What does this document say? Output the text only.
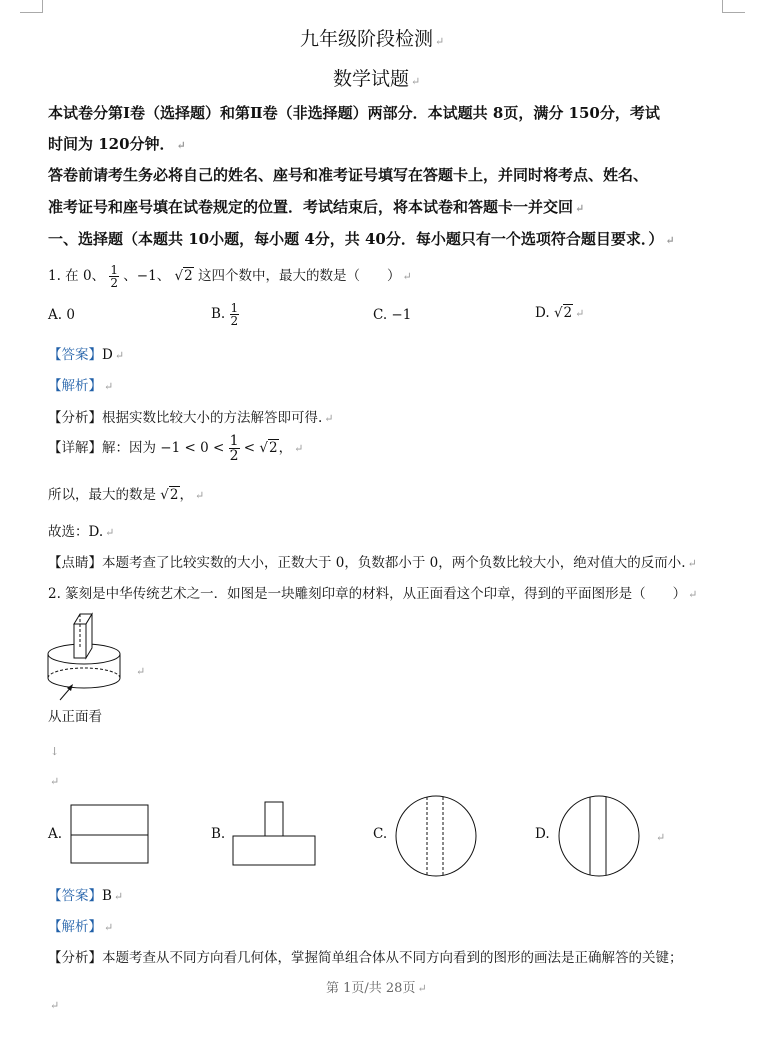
九年级阶段检测 ↵
数学试题 ↵
本试卷分第Ⅰ卷（选择题）和第Ⅱ卷（非选择题）两部分．本试题共 8页，满分 150分，考试
时间为 120分钟． ↵
答卷前请考生务必将自己的姓名、座号和准考证号填写在答题卡上，并同时将考点、姓名、
准考证号和座号填在试卷规定的位置．考试结束后，将本试卷和答题卡一并交回 ↵
一、选择题（本题共 10小题，每小题 4分，共 40分．每小题只有一个选项符合题目要求．） ↵
1. 在 0、 $\frac{1}{2}$ 、−1、 √2 这四个数中，最大的数是（　　） ↵
A. 0	B. $\frac{1}{2}$	C. −1	D. √2 ↵
【答案】D ↵
【解析】 ↵
【分析】根据实数比较大小的方法解答即可得. ↵
【详解】解：因为 $-1 < 0 < \frac{1}{2} < √2$， ↵
所以，最大的数是 √2， ↵
故选：D. ↵
【点睛】本题考查了比较实数的大小，正数大于 0，负数都小于 0，两个负数比较大小，绝对值大的反而小. ↵
2. 篆刻是中华传统艺术之一．如图是一块雕刻印章的材料，从正面看这个印章，得到的平面图形是（　　） ↵
从正面看
↵
↓
↵
A.	B.	C.	D.	↵
【答案】B ↵
【解析】 ↵
【分析】本题考查从不同方向看几何体，掌握简单组合体从不同方向看到的图形的画法是正确解答的关键；
第 1页/共 28页 ↵
↵
